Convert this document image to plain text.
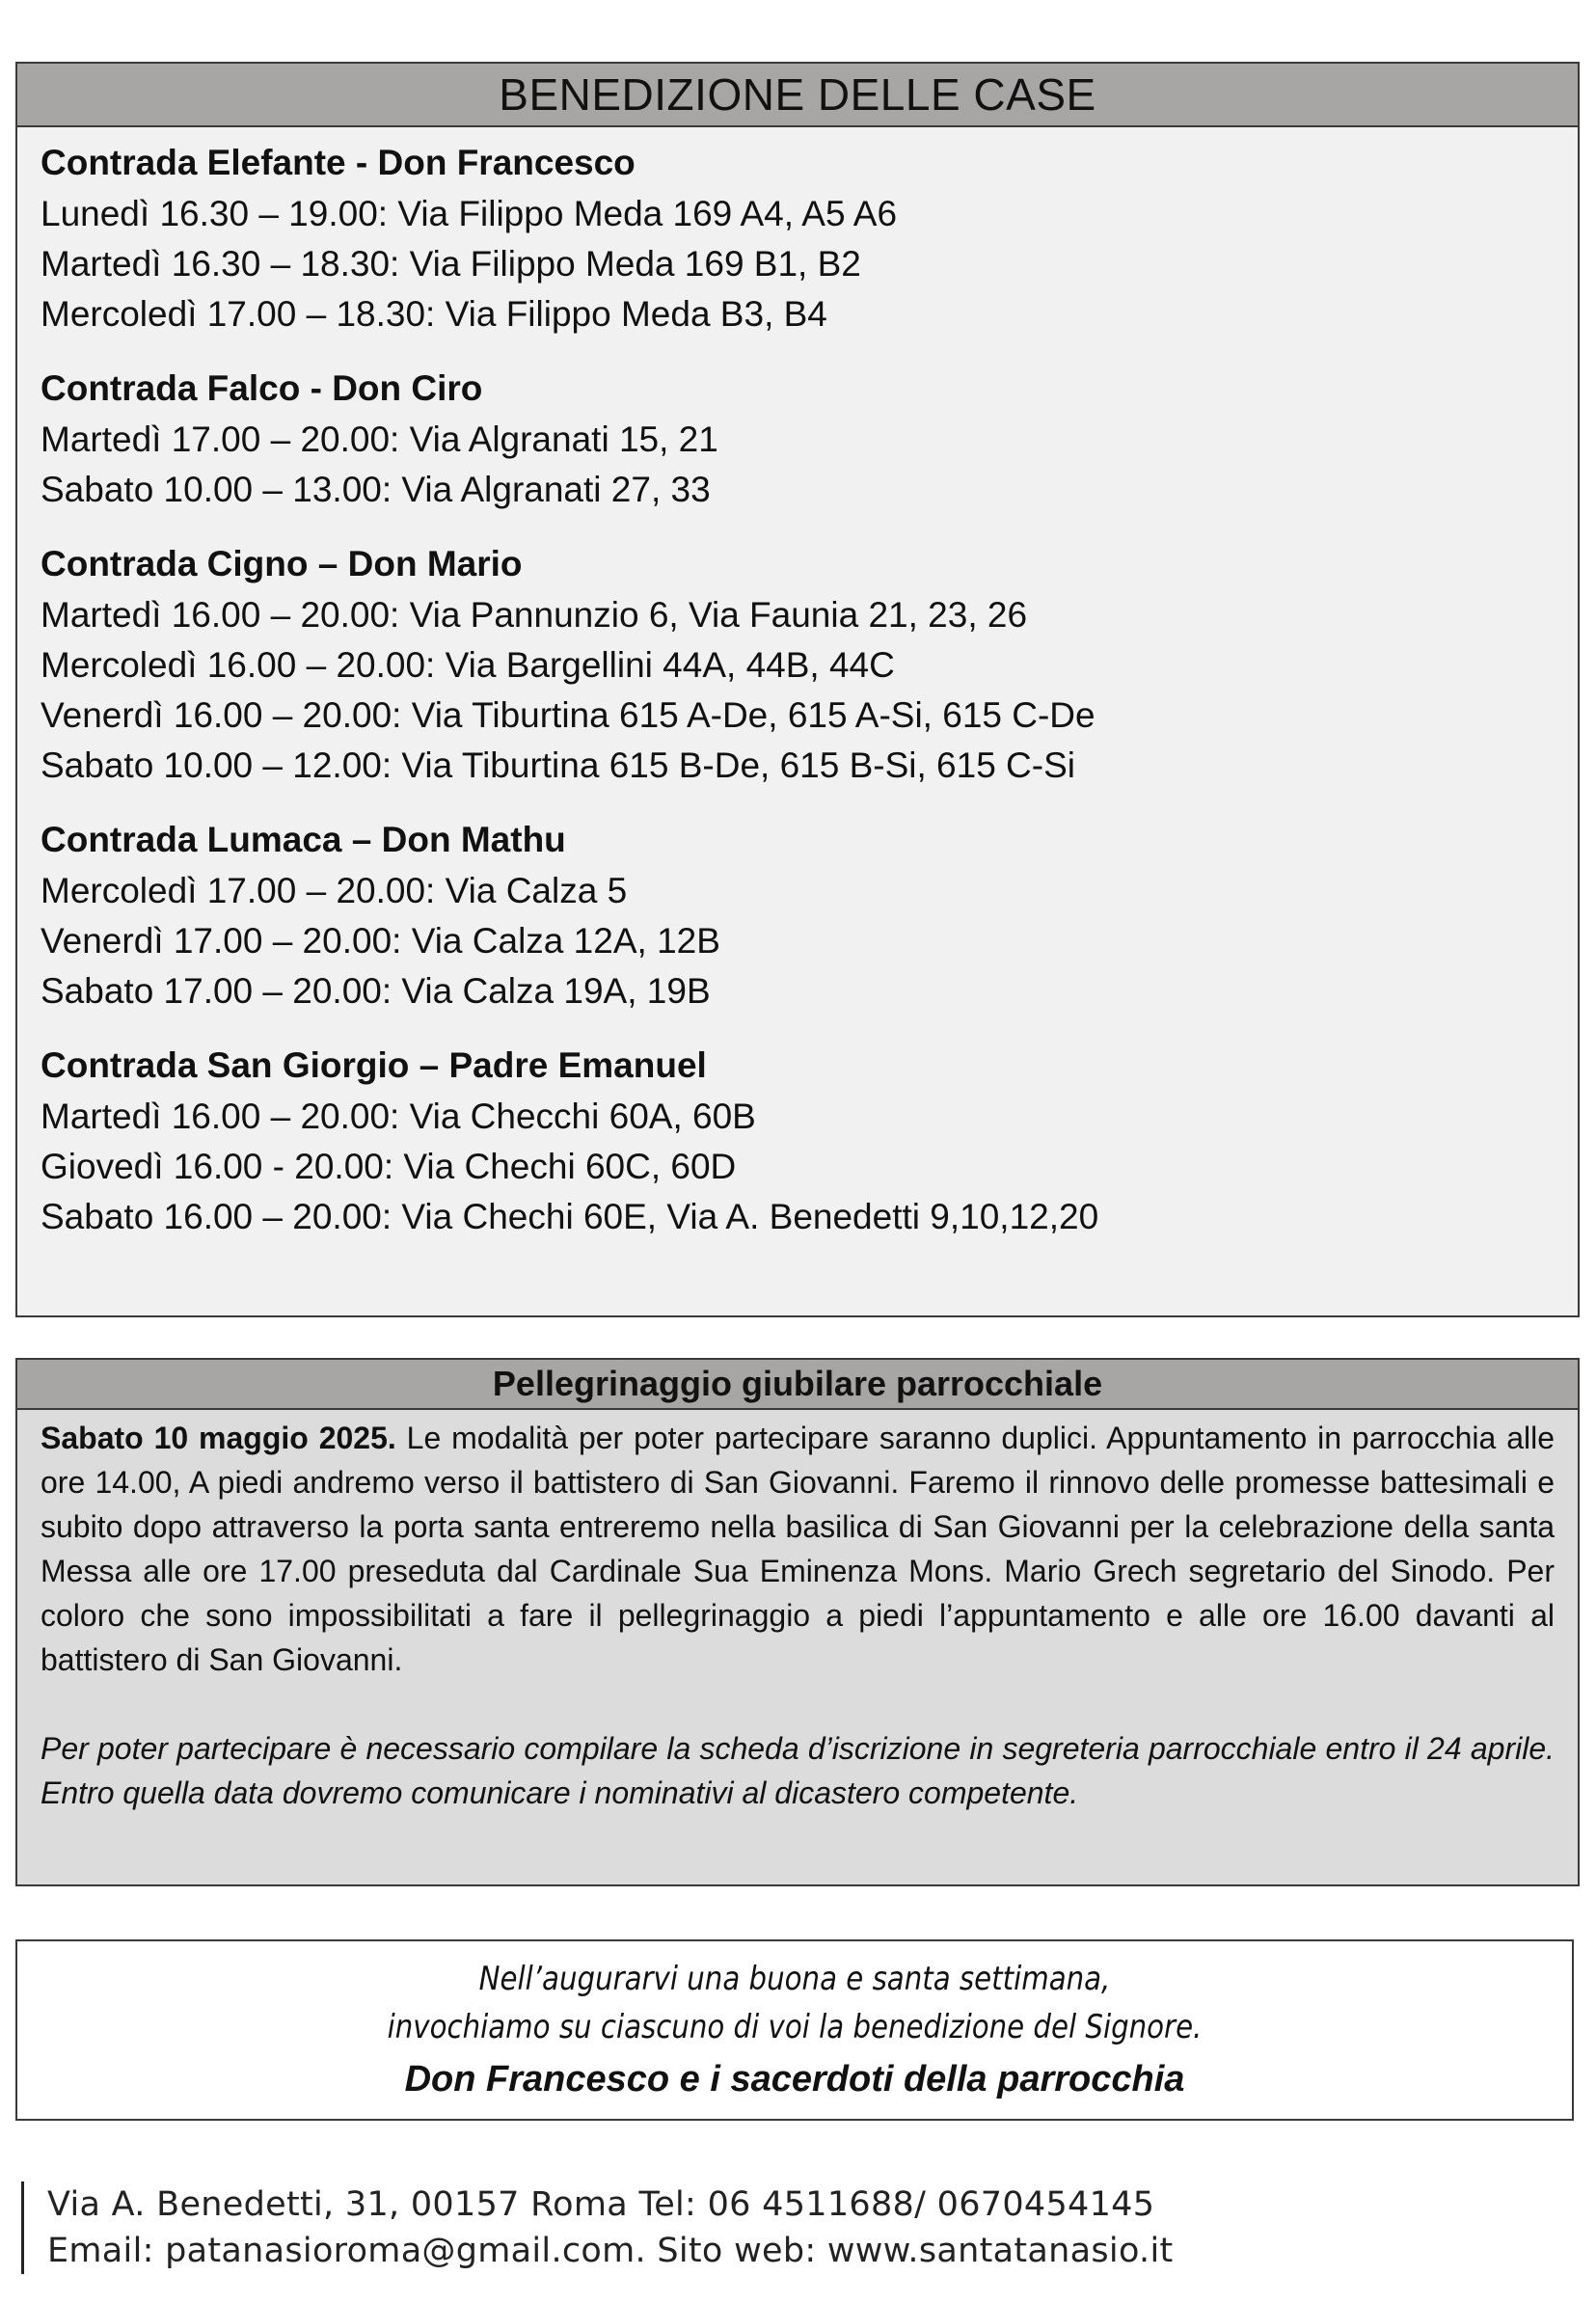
BENEDIZIONE DELLE CASE
Contrada Elefante - Don Francesco
Lunedì 16.30 – 19.00: Via Filippo Meda 169 A4, A5 A6
Martedì 16.30 – 18.30: Via Filippo Meda 169 B1, B2
Mercoledì 17.00 – 18.30: Via Filippo Meda B3, B4
Contrada Falco - Don Ciro
Martedì 17.00 – 20.00: Via Algranati 15, 21
Sabato 10.00 – 13.00: Via Algranati 27, 33
Contrada Cigno – Don Mario
Martedì 16.00 – 20.00: Via Pannunzio 6, Via Faunia 21, 23, 26
Mercoledì 16.00 – 20.00: Via Bargellini 44A, 44B, 44C
Venerdì 16.00 – 20.00: Via Tiburtina 615 A-De, 615 A-Si, 615 C-De
Sabato 10.00 – 12.00: Via Tiburtina 615 B-De, 615 B-Si, 615 C-Si
Contrada Lumaca – Don Mathu
Mercoledì 17.00 – 20.00: Via Calza 5
Venerdì 17.00 – 20.00: Via Calza 12A, 12B
Sabato 17.00 – 20.00: Via Calza 19A, 19B
Contrada San Giorgio – Padre Emanuel
Martedì 16.00 – 20.00: Via Checchi 60A, 60B
Giovedì 16.00 - 20.00: Via Chechi 60C, 60D
Sabato 16.00 – 20.00: Via Chechi 60E, Via A. Benedetti 9,10,12,20
Pellegrinaggio giubilare parrocchiale
Sabato 10 maggio 2025. Le modalità per poter partecipare saranno duplici. Appuntamento in parrocchia alle ore 14.00, A piedi andremo verso il battistero di San Giovanni. Faremo il rinnovo delle promesse battesimali e subito dopo attraverso la porta santa entreremo nella basilica di San Giovanni per la celebrazione della santa Messa alle ore 17.00 preseduta dal Cardinale Sua Eminenza Mons. Mario Grech segretario del Sinodo. Per coloro che sono impossibilitati a fare il pellegrinaggio a piedi l’appuntamento e alle ore 16.00 davanti al battistero di San Giovanni.
Per poter partecipare è necessario compilare la scheda d’iscrizione in segreteria parrocchiale entro il 24 aprile. Entro quella data dovremo comunicare i nominativi al dicastero competente.
Nell’augurarvi una buona e santa settimana,
invochiamo su ciascuno di voi la benedizione del Signore.
Don Francesco e i sacerdoti della parrocchia
Via A. Benedetti, 31, 00157 Roma Tel: 06 4511688/ 0670454145
Email: patanasioroma@gmail.com. Sito web: www.santatanasio.it
